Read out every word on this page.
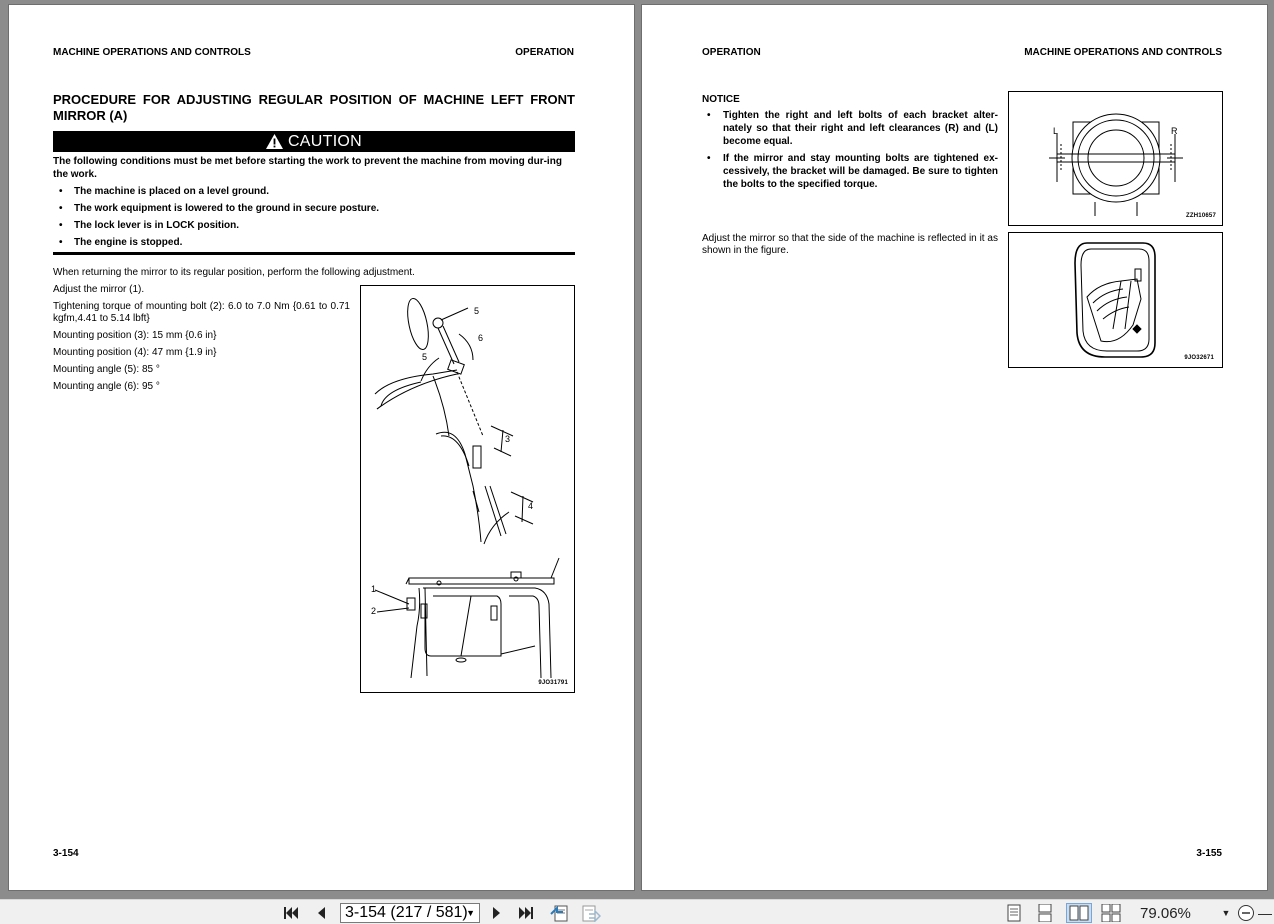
MACHINE OPERATIONS AND CONTROLS	OPERATION
PROCEDURE FOR ADJUSTING REGULAR POSITION OF MACHINE LEFT FRONT MIRROR (A)
CAUTION

The following conditions must be met before starting the work to prevent the machine from moving dur-ing the work.

• The machine is placed on a level ground.
• The work equipment is lowered to the ground in secure posture.
• The lock lever is in LOCK position.
• The engine is stopped.
When returning the mirror to its regular position, perform the following adjustment.

Adjust the mirror (1).

Tightening torque of mounting bolt (2): 6.0 to 7.0 Nm {0.61 to 0.71 kgfm,4.41 to 5.14 lbft}

Mounting position (3): 15 mm {0.6 in}

Mounting position (4): 47 mm {1.9 in}

Mounting angle (5): 85 °

Mounting angle (6): 95 °

5
6
5
3
4
1
2
9JO31791
3-154
OPERATION	MACHINE OPERATIONS AND CONTROLS
NOTICE
• Tighten the right and left bolts of each bracket alter-nately so that their right and left clearances (R) and (L) become equal.
• If the mirror and stay mounting bolts are tightened ex-cessively, the bracket will be damaged. Be sure to tighten the bolts to the specified torque.
L	R
ZZH10657
Adjust the mirror so that the side of the machine is reflected in it as shown in the figure.
9JO32671
3-155
3-154 (217 / 581)
▼	79.06%	▼ —
